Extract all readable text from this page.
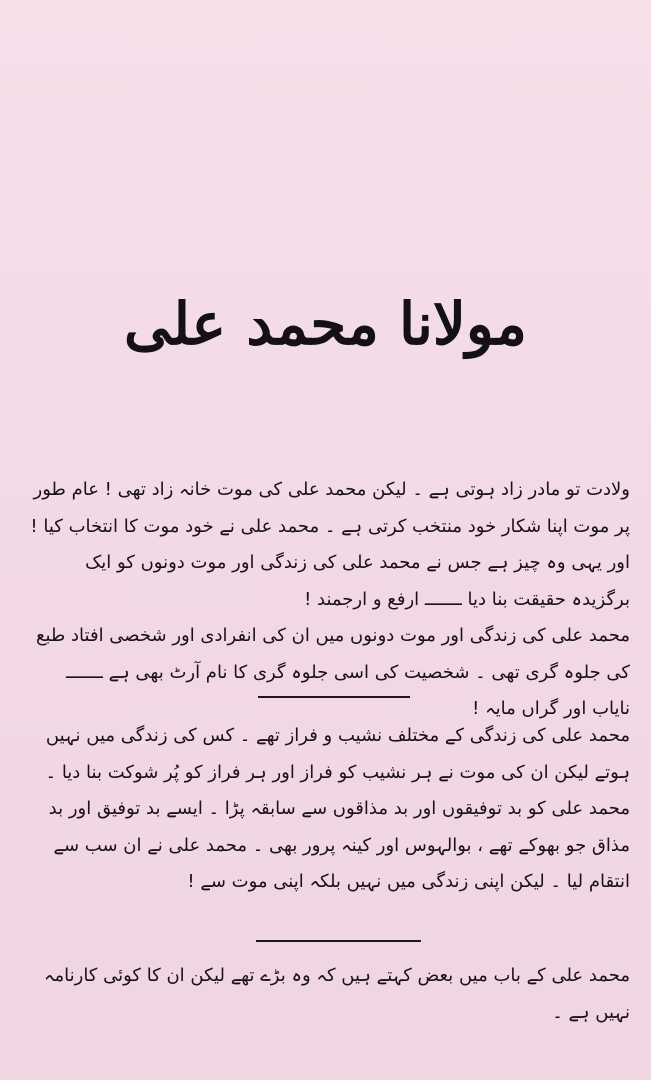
مولانا محمد علی

ولادت تو مادر زاد ہوتی ہے ۔ لیکن محمد علی کی موت خانہ زاد تھی ! عام طور پر موت اپنا شکار خود منتخب کرتی ہے ۔ محمد علی نے خود موت کا انتخاب کیا ! اور یہی وہ چیز ہے جس نے محمد علی کی زندگی اور موت دونوں کو ایک برگزیدہ حقیقت بنا دیا ـــــــ ارفع و ارجمند !

محمد علی کی زندگی اور موت دونوں میں ان کی انفرادی اور شخصی افتاد طبع کی جلوہ گری تھی ۔ شخصیت کی اسی جلوہ گری کا نام آرٹ بھی ہے ـــــــ نایاب اور گراں مایہ !

محمد علی کی زندگی کے مختلف نشیب و فراز تھے ۔ کس کی زندگی میں نہیں ہوتے لیکن ان کی موت نے ہر نشیب کو فراز اور ہر فراز کو پُر شوکت بنا دیا ۔

محمد علی کو بد توفیقوں اور بد مذاقوں سے سابقہ پڑا ۔ ایسے بد توفیق اور بد مذاق جو بھوکے تھے ، بوالہوس اور کینہ پرور بھی ۔ محمد علی نے ان سب سے انتقام لیا ۔ لیکن اپنی زندگی میں نہیں بلکہ اپنی موت سے !

محمد علی کے باب میں بعض کہتے ہیں کہ وہ بڑے تھے لیکن ان کا کوئی کارنامہ نہیں ہے ۔
